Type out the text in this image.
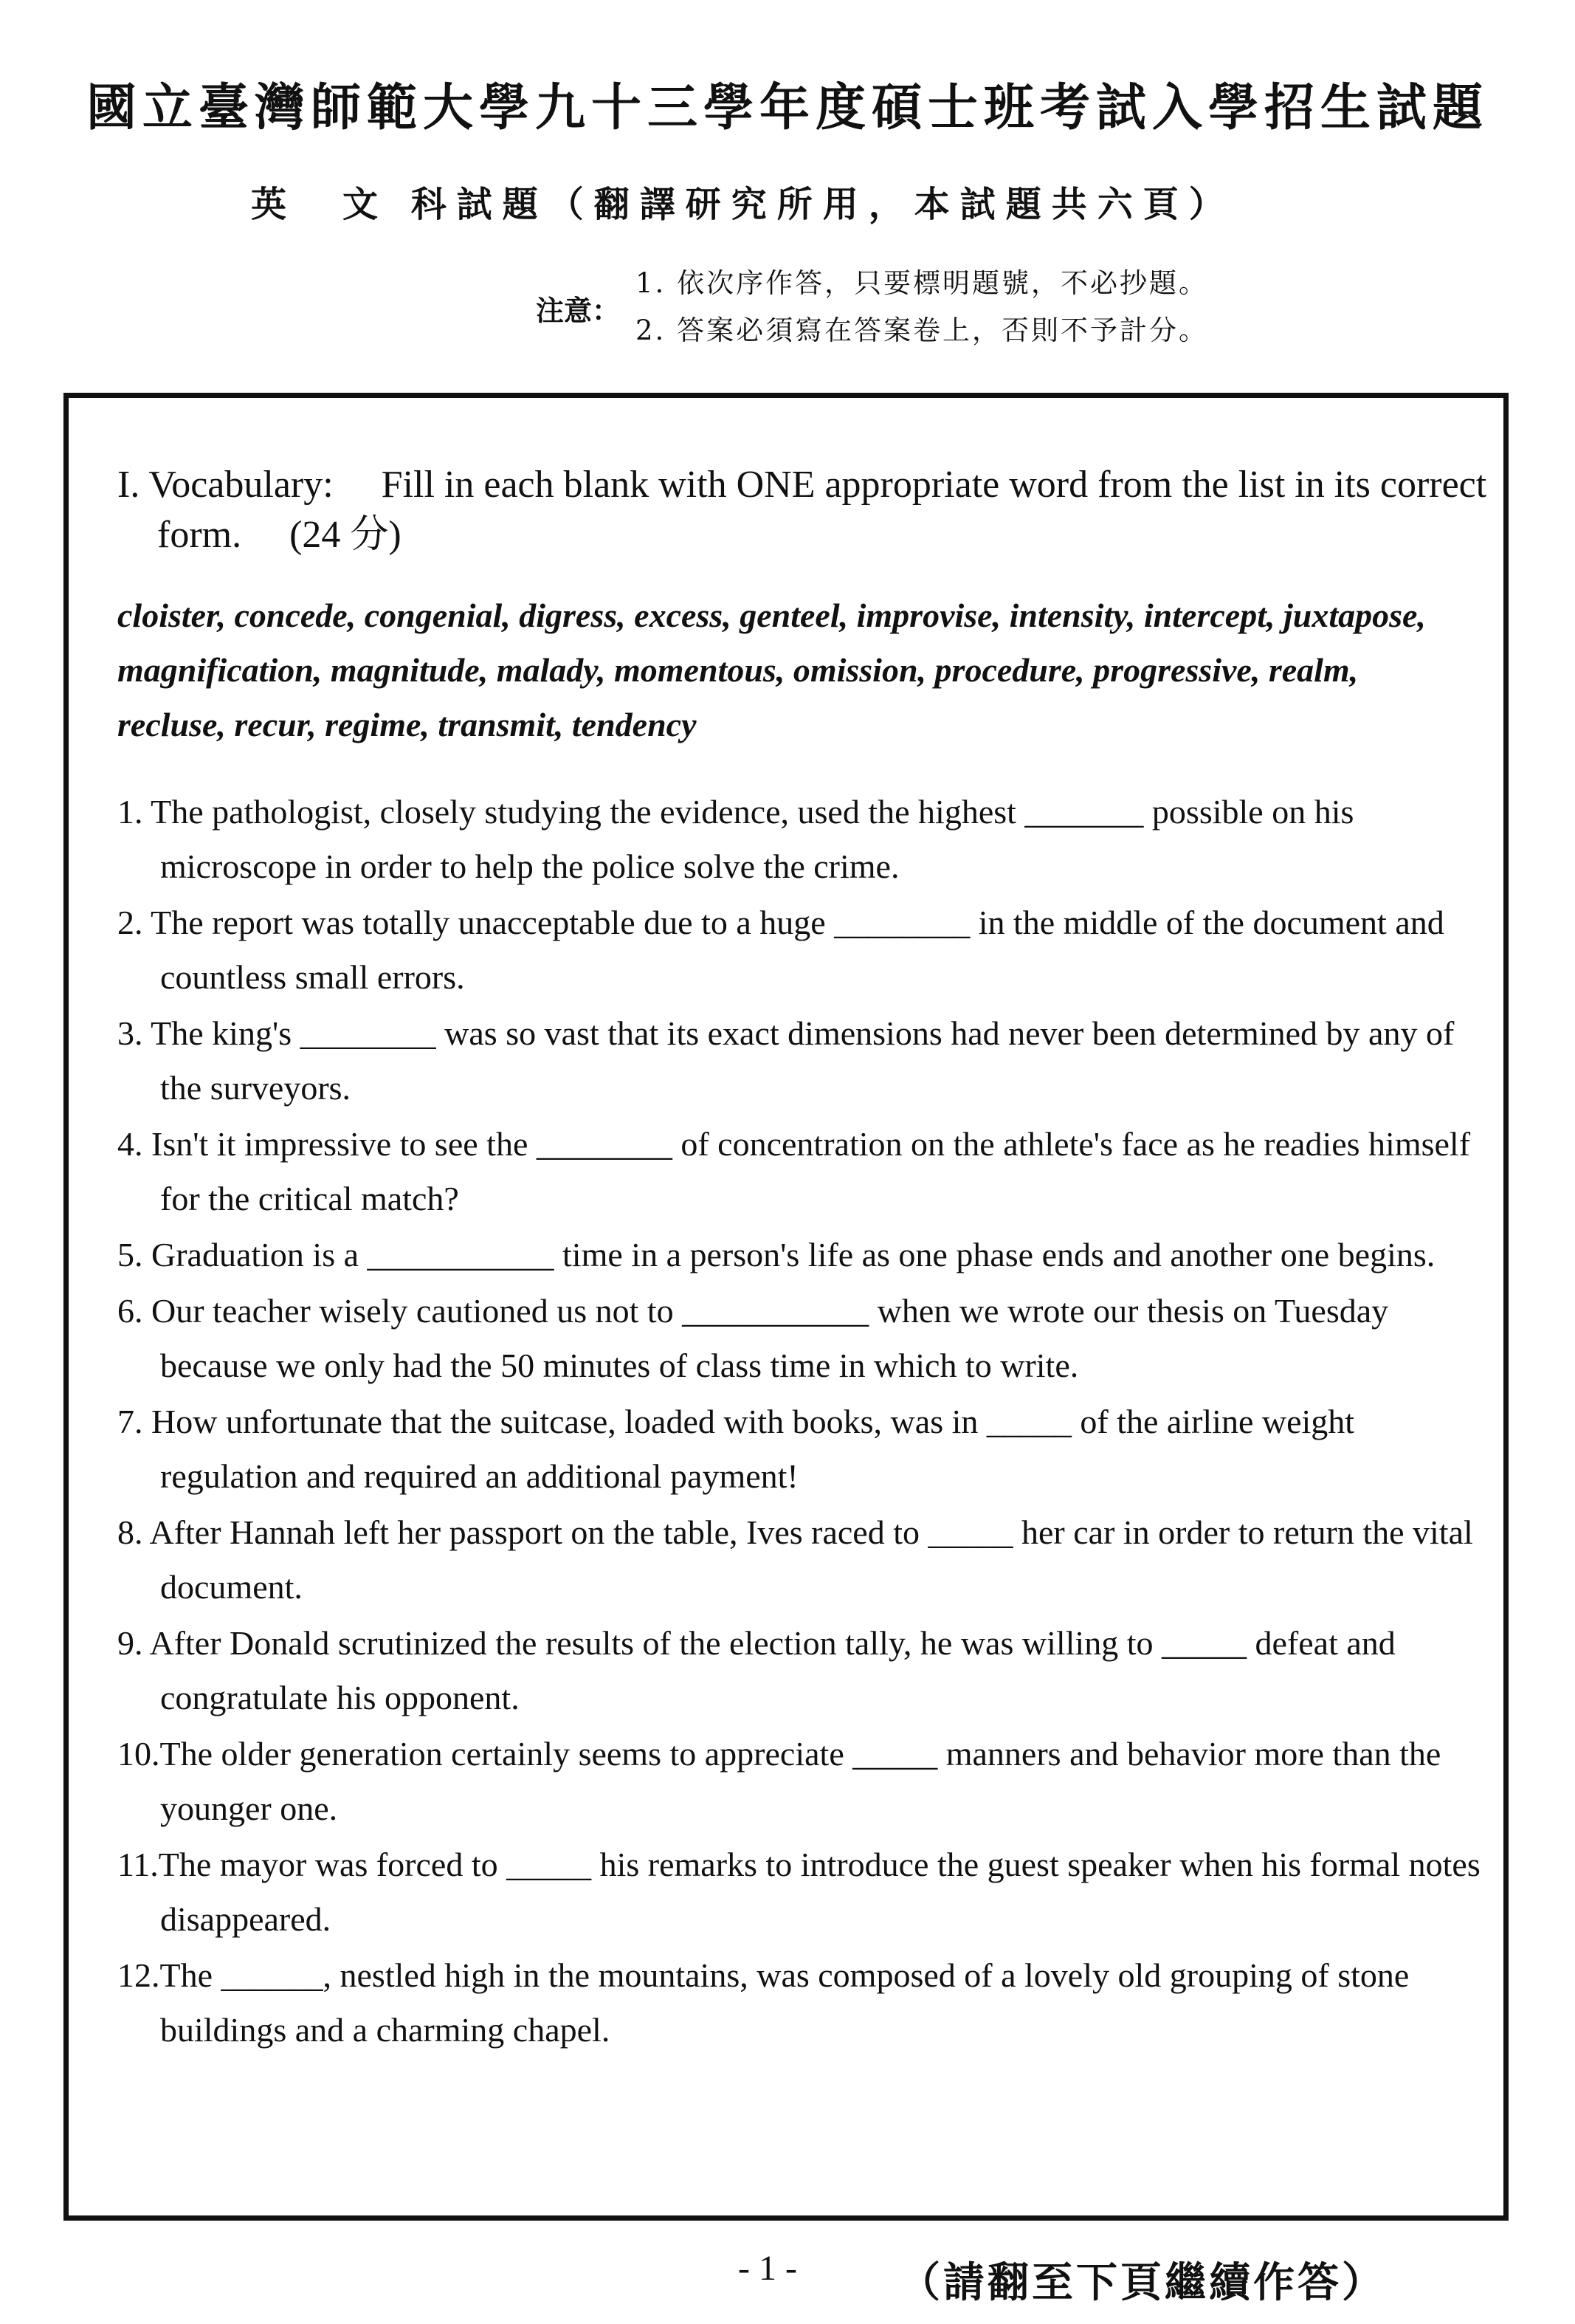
國立臺灣師範大學九十三學年度碩士班考試入學招生試題
英　文 科試題（翻譯研究所用，本試題共六頁）
注意：
1. 依次序作答，只要標明題號，不必抄題。
2. 答案必須寫在答案卷上，否則不予計分。
I. Vocabulary:　 Fill in each blank with ONE appropriate word from the list in its correct form. 　(24 分)
cloister, concede, congenial, digress, excess, genteel, improvise, intensity, intercept, juxtapose, magnification, magnitude, malady, momentous, omission, procedure, progressive, realm, recluse, recur, regime, transmit, tendency
1. The pathologist, closely studying the evidence, used the highest _______ possible on his microscope in order to help the police solve the crime.
2. The report was totally unacceptable due to a huge ________ in the middle of the document and countless small errors.
3. The king's ________ was so vast that its exact dimensions had never been determined by any of the surveyors.
4. Isn't it impressive to see the ________ of concentration on the athlete's face as he readies himself for the critical match?
5. Graduation is a ___________ time in a person's life as one phase ends and another one begins.
6. Our teacher wisely cautioned us not to ___________ when we wrote our thesis on Tuesday because we only had the 50 minutes of class time in which to write.
7. How unfortunate that the suitcase, loaded with books, was in _____ of the airline weight regulation and required an additional payment!
8. After Hannah left her passport on the table, Ives raced to _____ her car in order to return the vital document.
9. After Donald scrutinized the results of the election tally, he was willing to _____ defeat and congratulate his opponent.
10.The older generation certainly seems to appreciate _____ manners and behavior more than the younger one.
11.The mayor was forced to _____ his remarks to introduce the guest speaker when his formal notes disappeared.
12.The ______, nestled high in the mountains, was composed of a lovely old grouping of stone buildings and a charming chapel.
- 1 - （請翻至下頁繼續作答）
